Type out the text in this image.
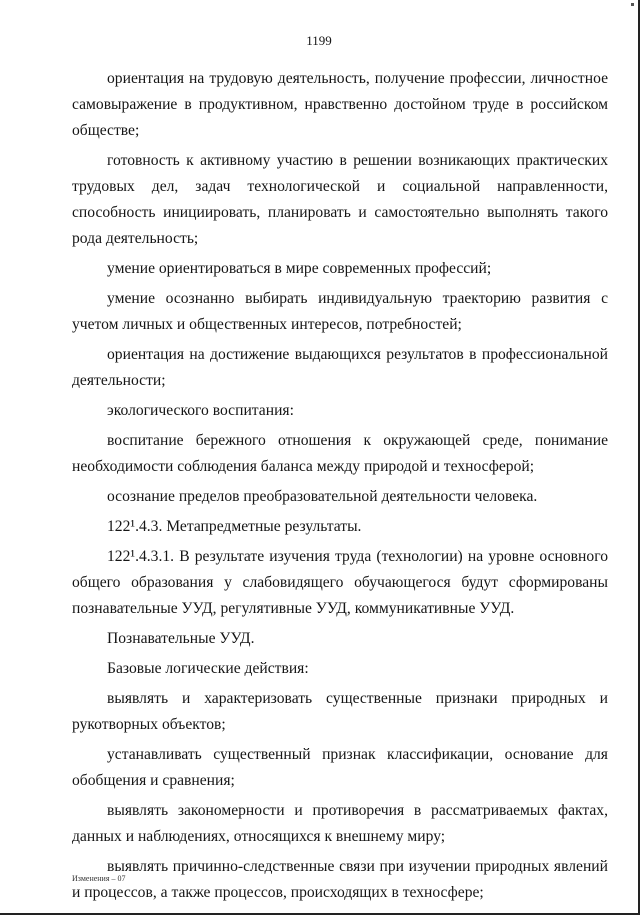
1199

ориентация на трудовую деятельность, получение профессии, личностное самовыражение в продуктивном, нравственно достойном труде в российском обществе;

готовность к активному участию в решении возникающих практических трудовых дел, задач технологической и социальной направленности, способность инициировать, планировать и самостоятельно выполнять такого рода деятельность;

умение ориентироваться в мире современных профессий;

умение осознанно выбирать индивидуальную траекторию развития с учетом личных и общественных интересов, потребностей;

ориентация на достижение выдающихся результатов в профессиональной деятельности;

экологического воспитания:

воспитание бережного отношения к окружающей среде, понимание необходимости соблюдения баланса между природой и техносферой;

осознание пределов преобразовательной деятельности человека.

122¹.4.3. Метапредметные результаты.

122¹.4.3.1. В результате изучения труда (технологии) на уровне основного общего образования у слабовидящего обучающегося будут сформированы познавательные УУД, регулятивные УУД, коммуникативные УУД.

Познавательные УУД.

Базовые логические действия:

выявлять и характеризовать существенные признаки природных и рукотворных объектов;

устанавливать существенный признак классификации, основание для обобщения и сравнения;

выявлять закономерности и противоречия в рассматриваемых фактах, данных и наблюдениях, относящихся к внешнему миру;

выявлять причинно-следственные связи при изучении природных явлений и процессов, а также процессов, происходящих в техносфере;

Изменения – 07
